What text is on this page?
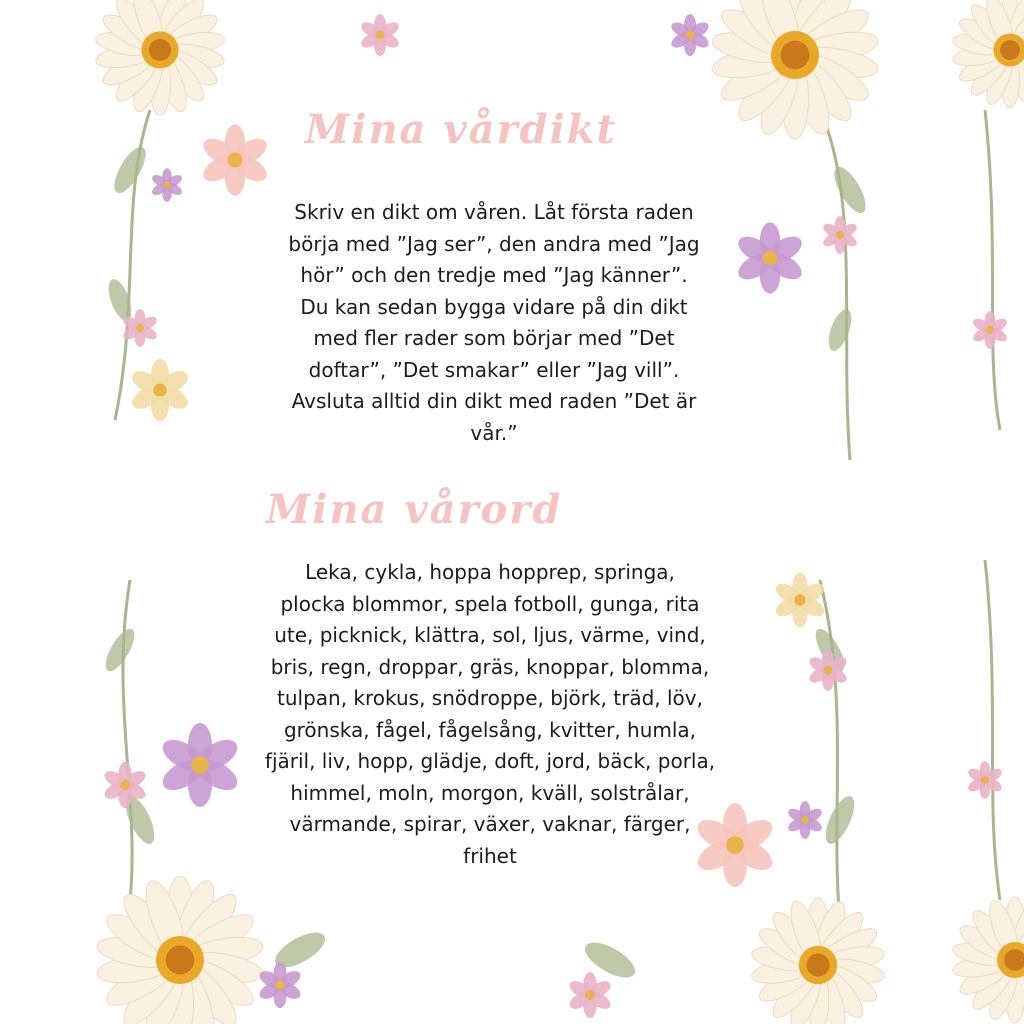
Mina vårdikt

Skriv en dikt om våren. Låt första raden
börja med ”Jag ser”, den andra med ”Jag
hör” och den tredje med ”Jag känner”.
Du kan sedan bygga vidare på din dikt
med fler rader som börjar med ”Det
doftar”, ”Det smakar” eller ”Jag vill”.
Avsluta alltid din dikt med raden ”Det är
vår.”

Mina vårord

Leka, cykla, hoppa hopprep, springa,
plocka blommor, spela fotboll, gunga, rita
ute, picknick, klättra, sol, ljus, värme, vind,
bris, regn, droppar, gräs, knoppar, blomma,
tulpan, krokus, snödroppe, björk, träd, löv,
grönska, fågel, fågelsång, kvitter, humla,
fjäril, liv, hopp, glädje, doft, jord, bäck, porla,
himmel, moln, morgon, kväll, solstrålar,
värmande, spirar, växer, vaknar, färger,
frihet
